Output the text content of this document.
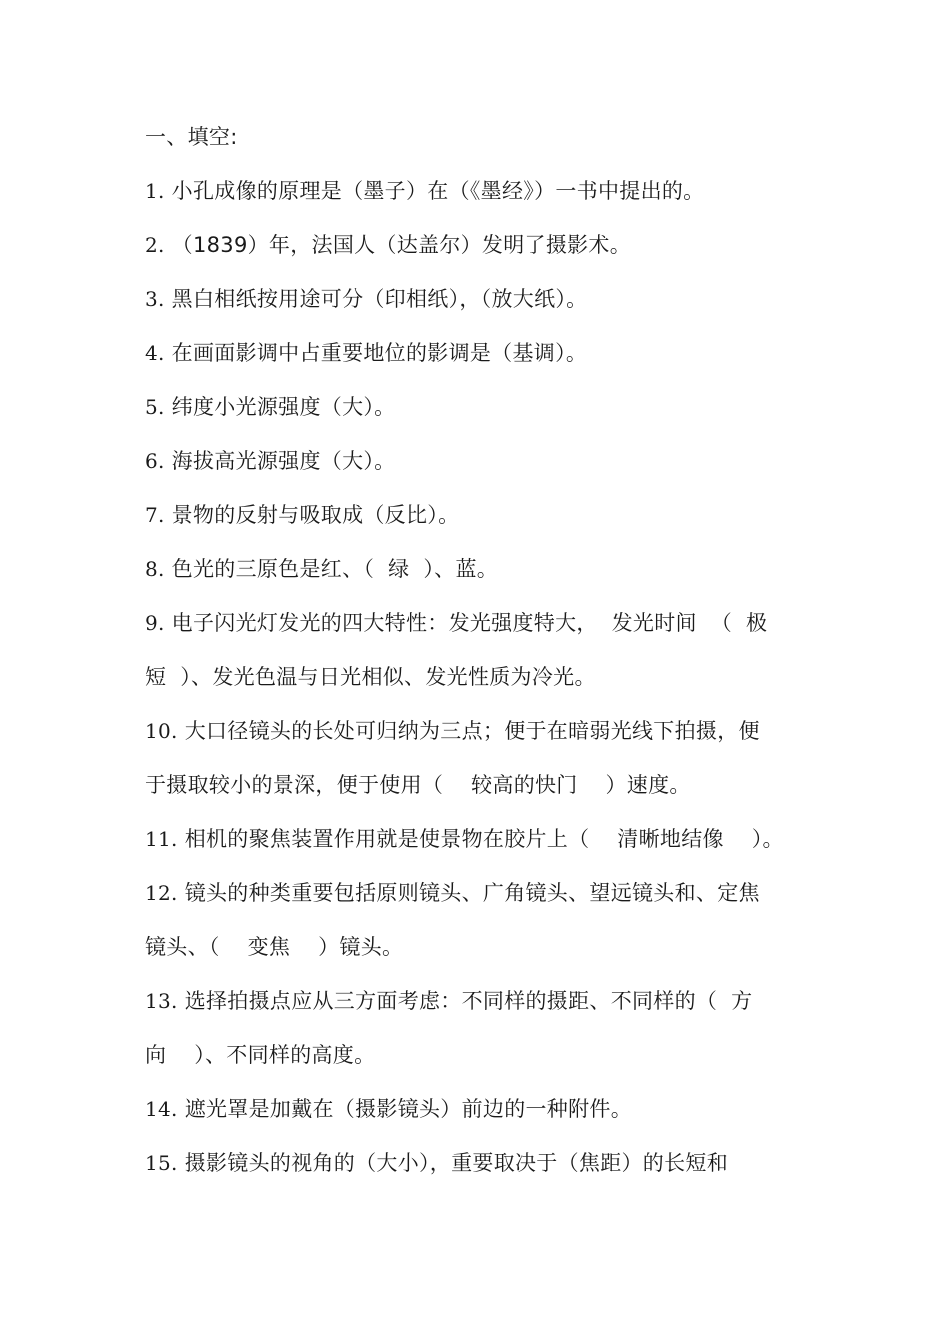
一、填空:
1. 小孔成像的原理是（墨子）在（《墨经》）一书中提出的。
2. （1839）年，法国人（达盖尔）发明了摄影术。
3. 黑白相纸按用途可分（印相纸），（放大纸）。
4. 在画面影调中占重要地位的影调是（基调）。
5. 纬度小光源强度（大）。
6. 海拔高光源强度（大）。
7. 景物的反射与吸取成（反比）。
8. 色光的三原色是红、（  绿  ）、蓝。
9. 电子闪光灯发光的四大特性：发光强度特大，  发光时间  （  极
短  ）、发光色温与日光相似、发光性质为冷光。
10. 大口径镜头的长处可归纳为三点；便于在暗弱光线下拍摄，便
于摄取较小的景深，便于使用（    较高的快门    ）速度。
11. 相机的聚焦装置作用就是使景物在胶片上（    清晰地结像    ）。
12. 镜头的种类重要包括原则镜头、广角镜头、望远镜头和、定焦
镜头、（    变焦    ）镜头。
13. 选择拍摄点应从三方面考虑：不同样的摄距、不同样的（  方
向    ）、不同样的高度。
14. 遮光罩是加戴在（摄影镜头）前边的一种附件。
15. 摄影镜头的视角的（大小），重要取决于（焦距）的长短和
